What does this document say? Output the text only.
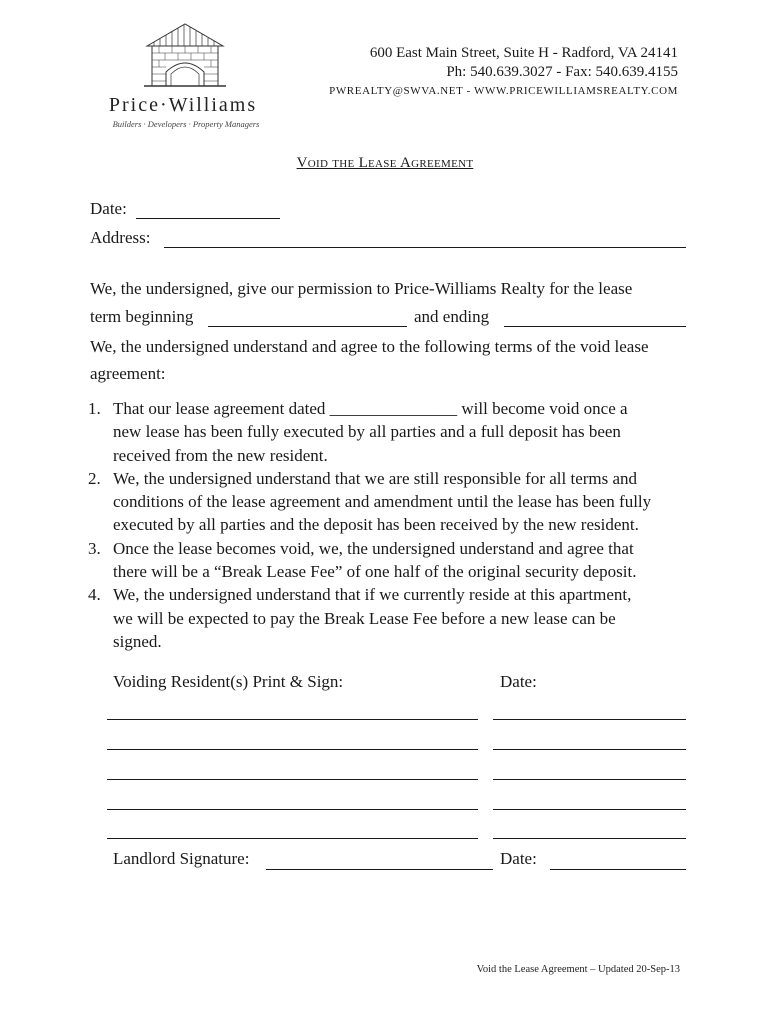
Price·Williams
Builders · Developers · Property Managers
600 East Main Street, Suite H - Radford, VA 24141
Ph: 540.639.3027 - Fax: 540.639.4155
PWREALTY@SWVA.NET - WWW.PRICEWILLIAMSREALTY.COM
Void the Lease Agreement
Date:
Address:
We, the undersigned, give our permission to Price-Williams Realty for the lease
term beginning	and ending
We, the undersigned understand and agree to the following terms of the void lease
agreement:
1. That our lease agreement dated _______________ will become void once a
new lease has been fully executed by all parties and a full deposit has been
received from the new resident.
2. We, the undersigned understand that we are still responsible for all terms and
conditions of the lease agreement and amendment until the lease has been fully
executed by all parties and the deposit has been received by the new resident.
3. Once the lease becomes void, we, the undersigned understand and agree that
there will be a “Break Lease Fee” of one half of the original security deposit.
4. We, the undersigned understand that if we currently reside at this apartment,
we will be expected to pay the Break Lease Fee before a new lease can be
signed.
Voiding Resident(s) Print & Sign:	Date:
Landlord Signature:	Date:
Void the Lease Agreement – Updated 20-Sep-13
